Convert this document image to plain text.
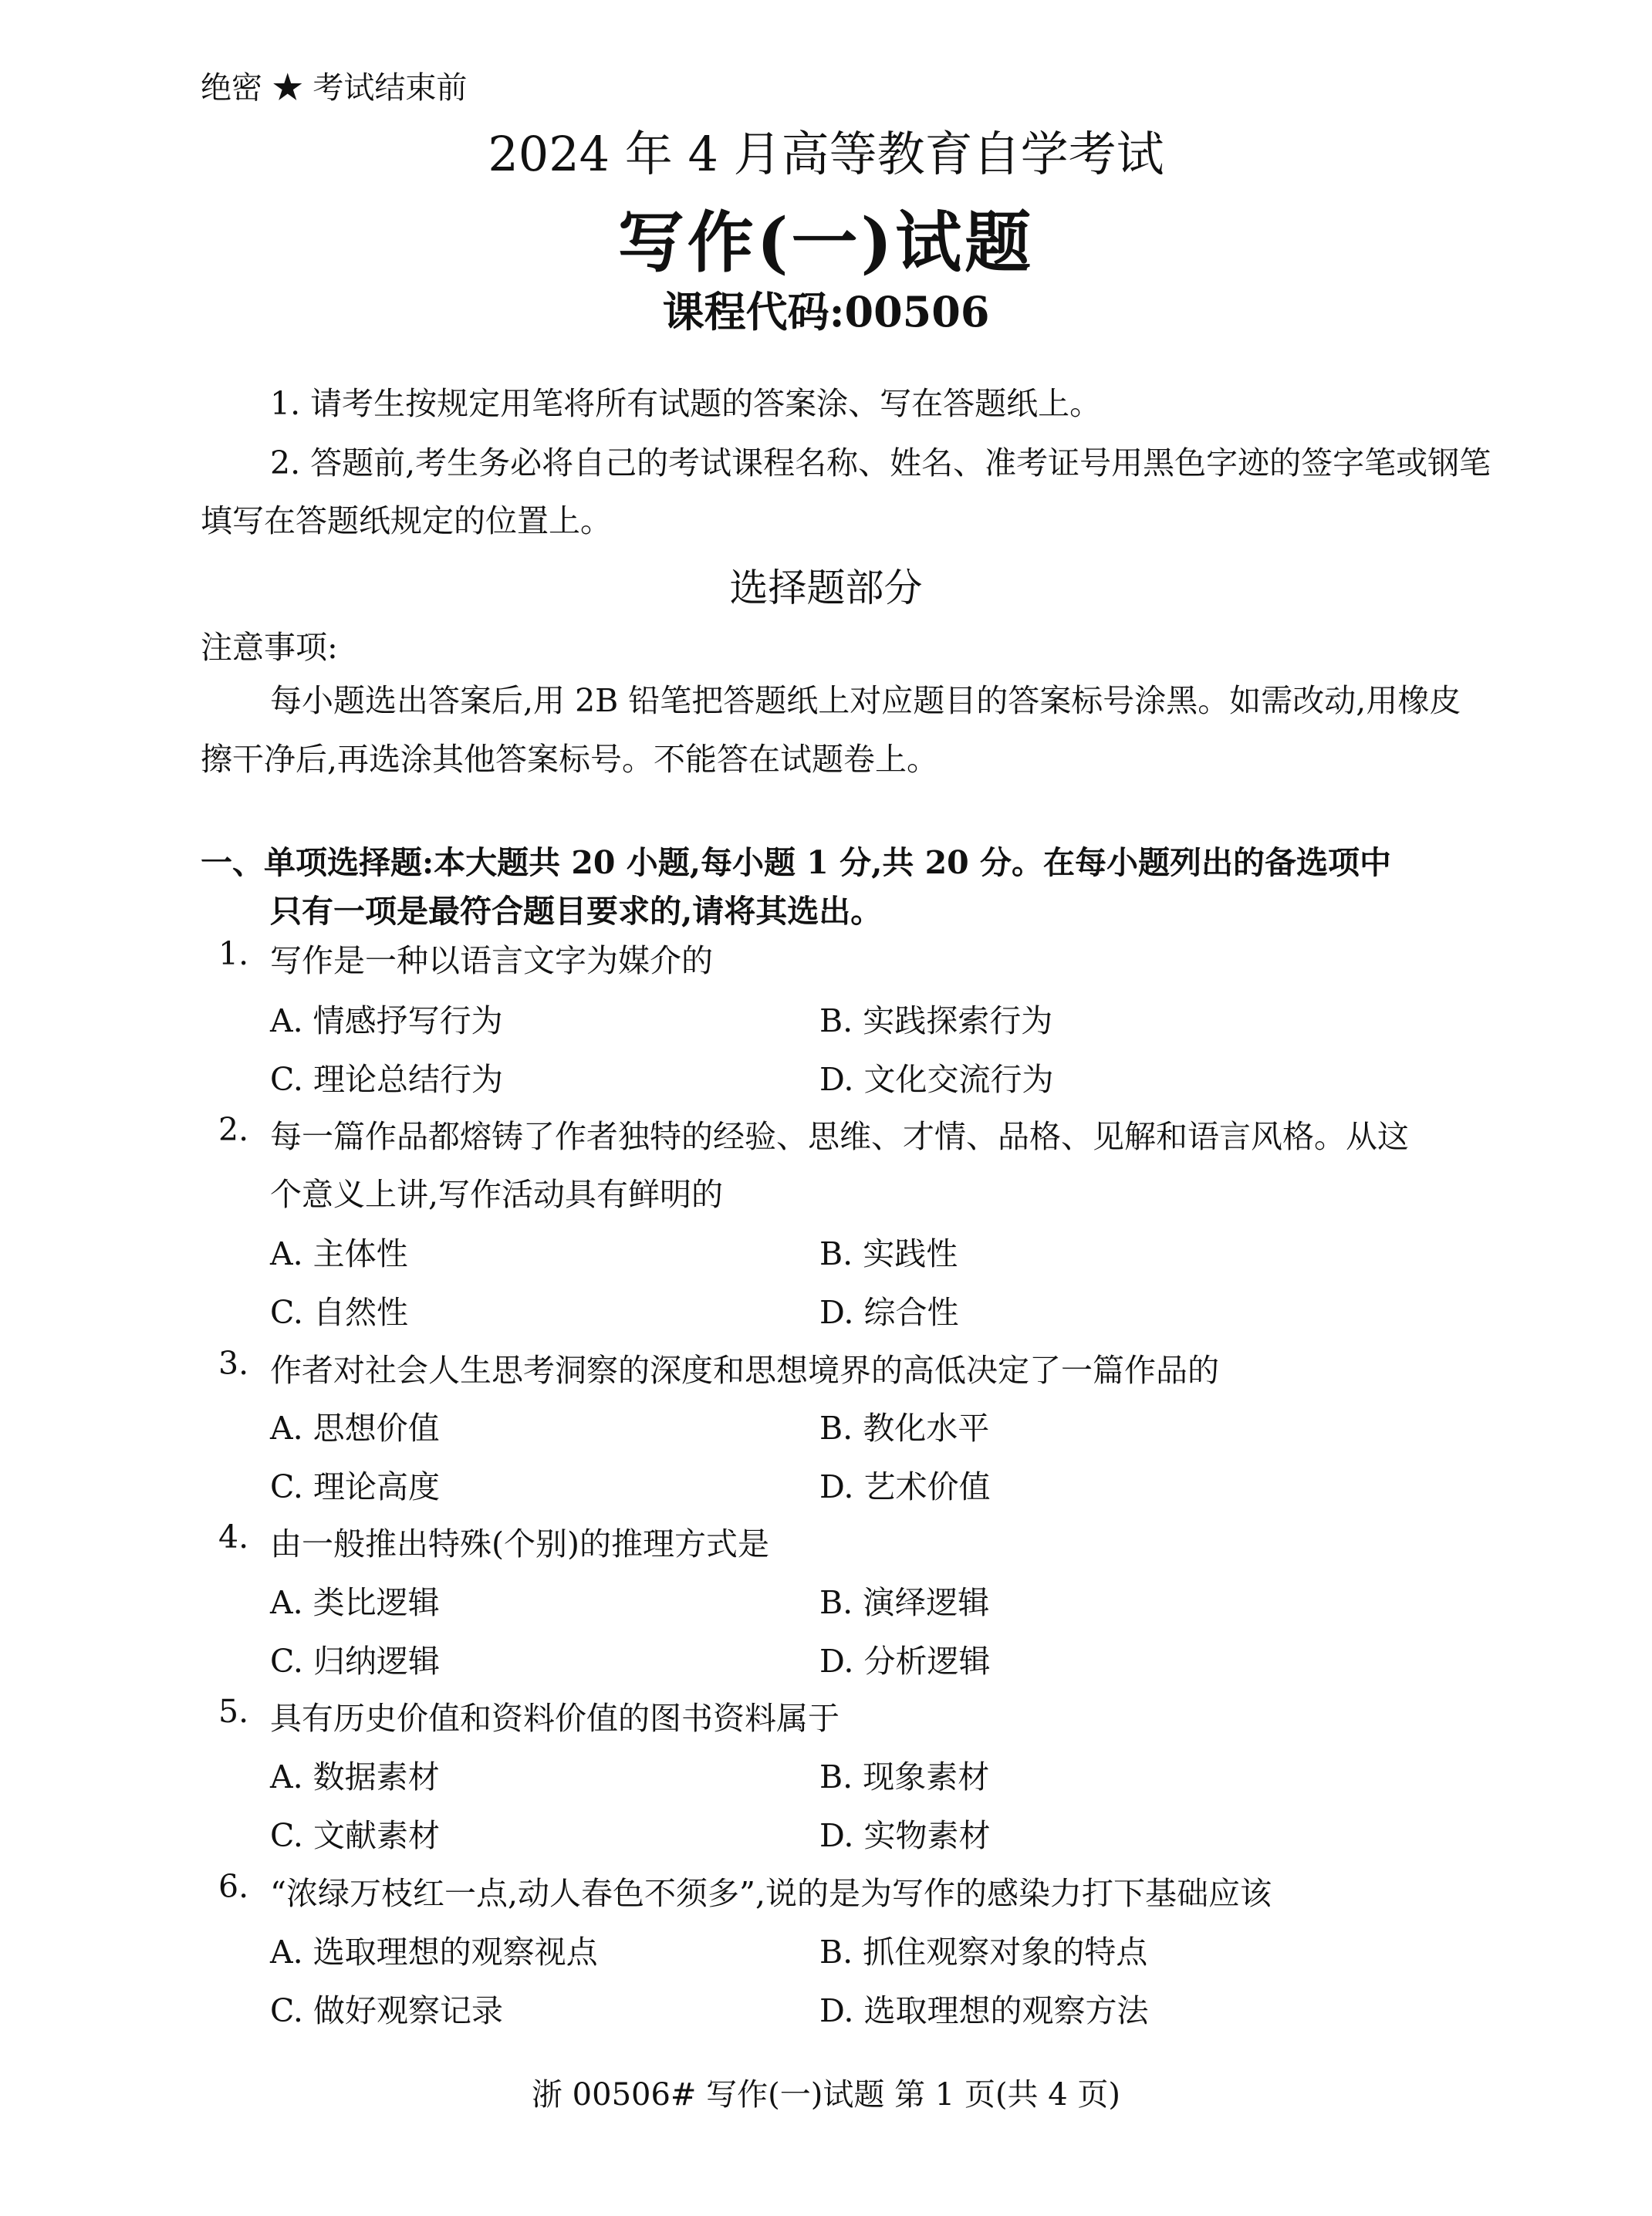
绝密 ★ 考试结束前
2024 年 4 月高等教育自学考试
写作(一)试题
课程代码:00506
1. 请考生按规定用笔将所有试题的答案涂、写在答题纸上。
2. 答题前,考生务必将自己的考试课程名称、姓名、准考证号用黑色字迹的签字笔或钢笔
填写在答题纸规定的位置上。
选择题部分
注意事项:
每小题选出答案后,用 2B 铅笔把答题纸上对应题目的答案标号涂黑。如需改动,用橡皮
擦干净后,再选涂其他答案标号。不能答在试题卷上。
一、单项选择题:本大题共 20 小题,每小题 1 分,共 20 分。在每小题列出的备选项中
只有一项是最符合题目要求的,请将其选出。
1. 写作是一种以语言文字为媒介的
A. 情感抒写行为	B. 实践探索行为
C. 理论总结行为	D. 文化交流行为
2. 每一篇作品都熔铸了作者独特的经验、思维、才情、品格、见解和语言风格。从这
个意义上讲,写作活动具有鲜明的
A. 主体性	B. 实践性
C. 自然性	D. 综合性
3. 作者对社会人生思考洞察的深度和思想境界的高低决定了一篇作品的
A. 思想价值	B. 教化水平
C. 理论高度	D. 艺术价值
4. 由一般推出特殊(个别)的推理方式是
A. 类比逻辑	B. 演绎逻辑
C. 归纳逻辑	D. 分析逻辑
5. 具有历史价值和资料价值的图书资料属于
A. 数据素材	B. 现象素材
C. 文献素材	D. 实物素材
6. “浓绿万枝红一点,动人春色不须多”,说的是为写作的感染力打下基础应该
A. 选取理想的观察视点	B. 抓住观察对象的特点
C. 做好观察记录	D. 选取理想的观察方法
浙 00506# 写作(一)试题 第 1 页(共 4 页)
